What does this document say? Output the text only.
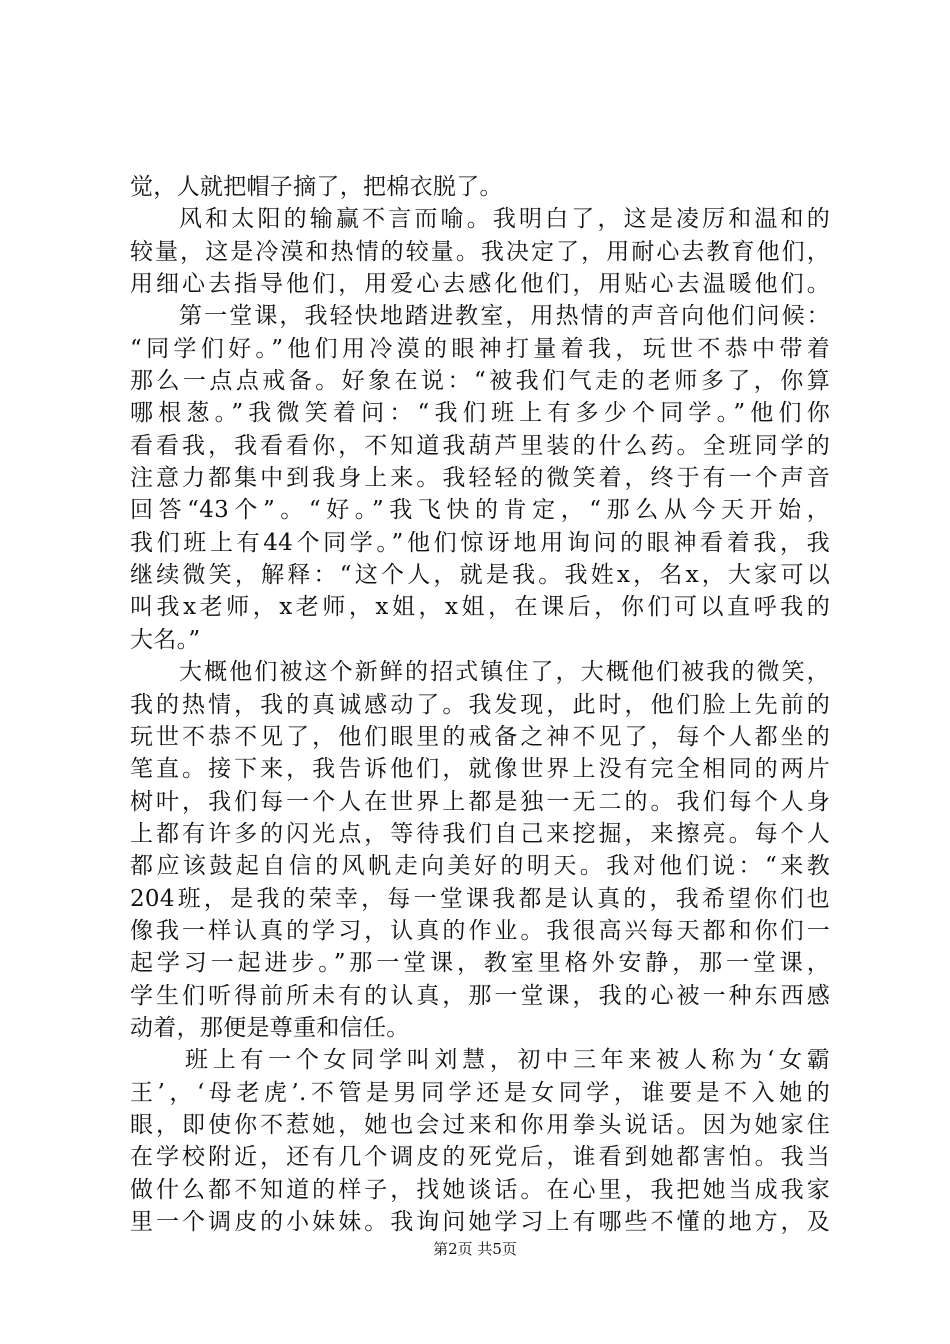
觉，人就把帽子摘了，把棉衣脱了。
风和太阳的输赢不言而喻。我明白了，这是凌厉和温和的
较量，这是冷漠和热情的较量。我决定了，用耐心去教育他们，
用细心去指导他们，用爱心去感化他们，用贴心去温暖他们。
第一堂课，我轻快地踏进教室，用热情的声音向他们问候：
“同学们好。”他们用冷漠的眼神打量着我，玩世不恭中带着
那么一点点戒备。好象在说：“被我们气走的老师多了，你算
哪根葱。”我微笑着问：“我们班上有多少个同学。”他们你
看看我，我看看你，不知道我葫芦里装的什么药。全班同学的
注意力都集中到我身上来。我轻轻的微笑着，终于有一个声音
回答“43个”。“好。”我飞快的肯定，“那么从今天开始，
我们班上有44个同学。”他们惊讶地用询问的眼神看着我，我
继续微笑，解释：“这个人，就是我。我姓x，名x，大家可以
叫我x老师，x老师，x姐，x姐，在课后，你们可以直呼我的
大名。”
大概他们被这个新鲜的招式镇住了，大概他们被我的微笑，
我的热情，我的真诚感动了。我发现，此时，他们脸上先前的
玩世不恭不见了，他们眼里的戒备之神不见了，每个人都坐的
笔直。接下来，我告诉他们，就像世界上没有完全相同的两片
树叶，我们每一个人在世界上都是独一无二的。我们每个人身
上都有许多的闪光点，等待我们自己来挖掘，来擦亮。每个人
都应该鼓起自信的风帆走向美好的明天。我对他们说：“来教
204班，是我的荣幸，每一堂课我都是认真的，我希望你们也
像我一样认真的学习，认真的作业。我很高兴每天都和你们一
起学习一起进步。”那一堂课，教室里格外安静，那一堂课，
学生们听得前所未有的认真，那一堂课，我的心被一种东西感
动着，那便是尊重和信任。
班上有一个女同学叫刘慧，初中三年来被人称为‘女霸
王’，‘母老虎’.不管是男同学还是女同学，谁要是不入她的
眼，即使你不惹她，她也会过来和你用拳头说话。因为她家住
在学校附近，还有几个调皮的死党后，谁看到她都害怕。我当
做什么都不知道的样子，找她谈话。在心里，我把她当成我家
里一个调皮的小妹妹。我询问她学习上有哪些不懂的地方，及
第2页 共5页
